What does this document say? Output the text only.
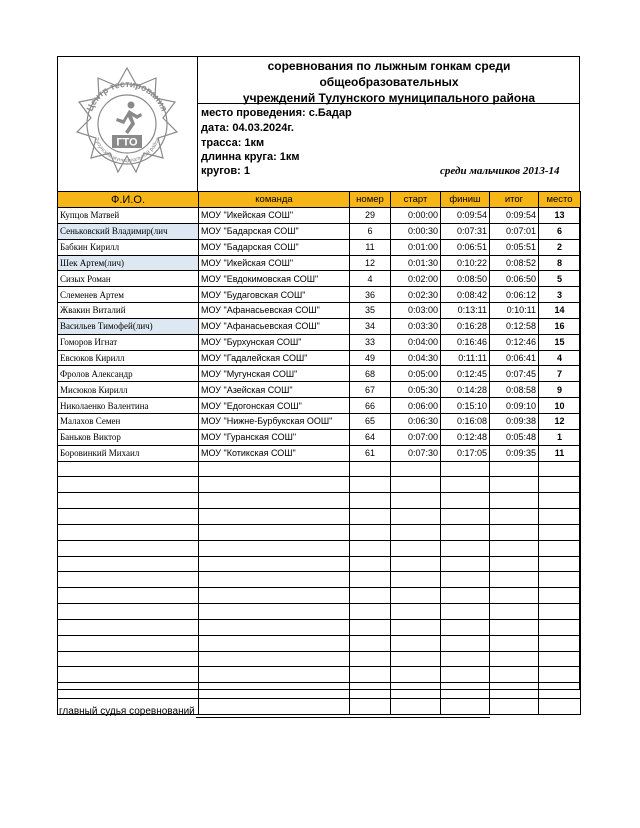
Центр тестирования
Тулунский муниципальный район
ГТО
соревнования по лыжным гонкам среди общеобразовательных
учреждений Тулунского муниципального района
место проведения: с.Бадар
дата: 04.03.2024г.
трасса: 1км
длинна круга: 1км
кругов: 1	среди мальчиков 2013-14
Ф.И.О.	команда	номер	старт	финиш	итог	место
Купцов Матвей	МОУ "Икейская СОШ"	29	0:00:00	0:09:54	0:09:54	13
Сеньковский Владимир(лич	МОУ "Бадарская СОШ"	6	0:00:30	0:07:31	0:07:01	6
Бабкин Кирилл	МОУ "Бадарская СОШ"	11	0:01:00	0:06:51	0:05:51	2
Шек Артем(лич)	МОУ "Икейская СОШ"	12	0:01:30	0:10:22	0:08:52	8
Сизых Роман	МОУ "Евдокимовская СОШ"	4	0:02:00	0:08:50	0:06:50	5
Слеменев Артем	МОУ "Будаговская СОШ"	36	0:02:30	0:08:42	0:06:12	3
Жвакин Виталий	МОУ "Афанасьевская СОШ"	35	0:03:00	0:13:11	0:10:11	14
Васильев Тимофей(лич)	МОУ "Афанасьевская СОШ"	34	0:03:30	0:16:28	0:12:58	16
Гоморов Игнат	МОУ "Бурхунская СОШ"	33	0:04:00	0:16:46	0:12:46	15
Евсюков Кирилл	МОУ "Гадалейская СОШ"	49	0:04:30	0:11:11	0:06:41	4
Фролов Александр	МОУ "Мугунская СОШ"	68	0:05:00	0:12:45	0:07:45	7
Мисюков Кирилл	МОУ "Азейская СОШ"	67	0:05:30	0:14:28	0:08:58	9
Николаенко Валентина	МОУ "Едогонская СОШ"	66	0:06:00	0:15:10	0:09:10	10
Малахов Семен	МОУ "Нижне-Бурбукская ООШ"	65	0:06:30	0:16:08	0:09:38	12
Баньков Виктор	МОУ "Гуранская СОШ"	64	0:07:00	0:12:48	0:05:48	1
Боровинкий Михаил	МОУ "Котикская СОШ"	61	0:07:30	0:17:05	0:09:35	11

главный судья соревнований
